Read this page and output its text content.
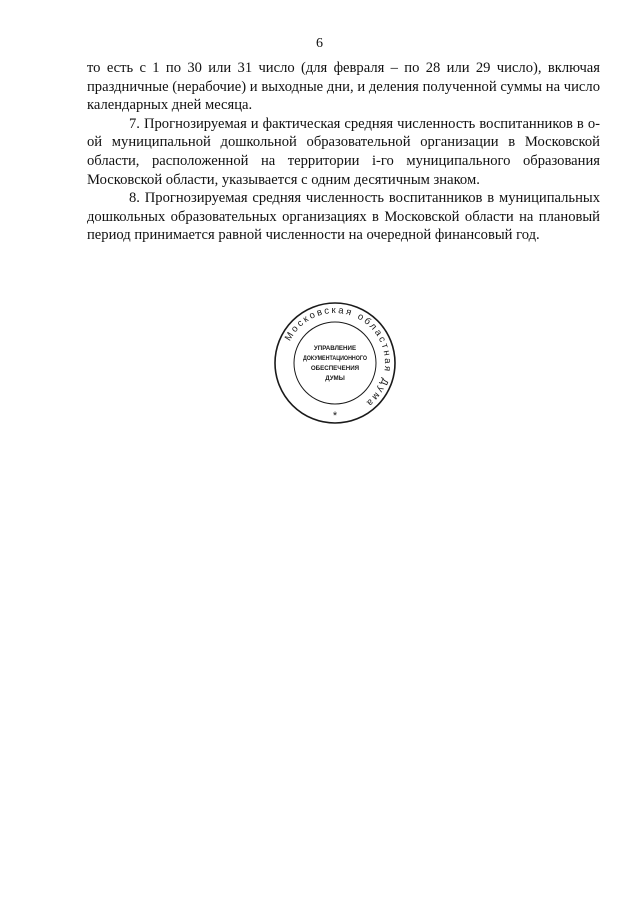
6

то есть с 1 по 30 или 31 число (для февраля – по 28 или 29 число), включая праздничные (нерабочие) и выходные дни, и деления полученной суммы на число календарных дней месяца.

7. Прогнозируемая и фактическая средняя численность воспитанников в о-ой муниципальной дошкольной образовательной организации в Московской области, расположенной на территории i-го муниципального образования Московской области, указывается с одним десятичным знаком.

8. Прогнозируемая средняя численность воспитанников в муниципальных дошкольных образовательных организациях в Московской области на плановый период принимается равной численности на очередной финансовый год.

Московская областная Дума
УПРАВЛЕНИЕ
ДОКУМЕНТАЦИОННОГО
ОБЕСПЕЧЕНИЯ
ДУМЫ
*
